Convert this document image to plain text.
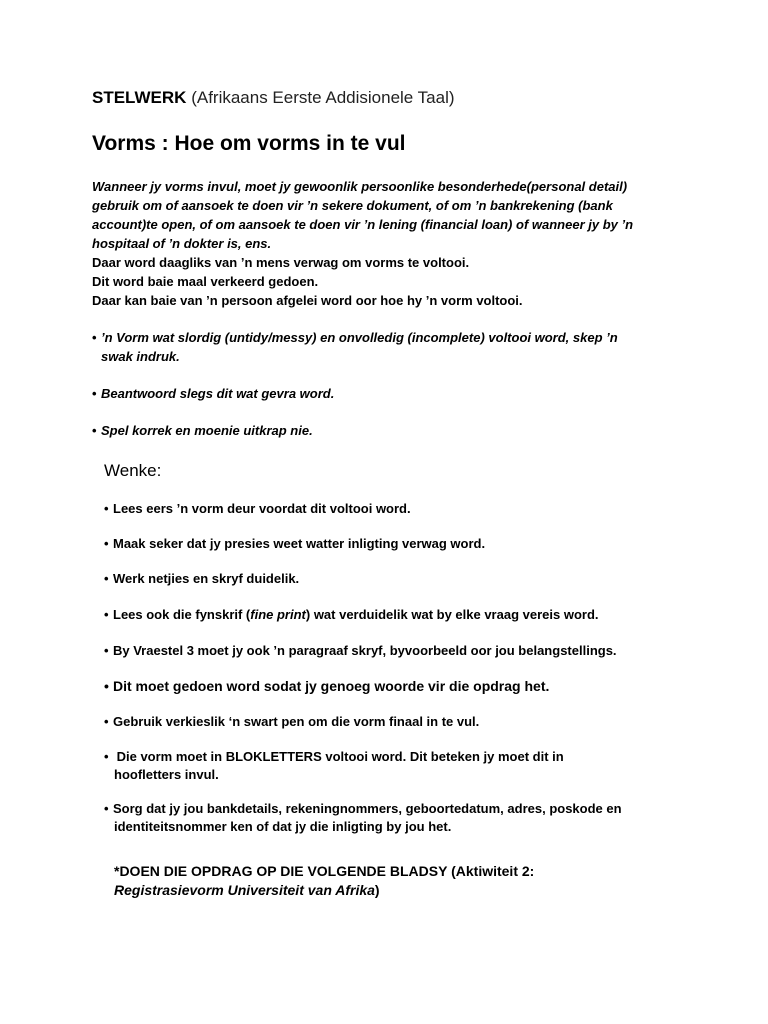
STELWERK (Afrikaans Eerste Addisionele Taal)
Vorms : Hoe om vorms in te vul

Wanneer jy vorms invul, moet jy gewoonlik persoonlike besonderhede(personal detail)

gebruik om of aansoek te doen vir ’n sekere dokument, of om ’n bankrekening (bank

account)te open, of om aansoek te doen vir ’n lening (financial loan) of wanneer jy by ’n

hospitaal of ’n dokter is, ens.

Daar word daagliks van ’n mens verwag om vorms te voltooi.

Dit word baie maal verkeerd gedoen.

Daar kan baie van ’n persoon afgelei word oor hoe hy ’n vorm voltooi.

• ’n Vorm wat slordig (untidy/messy) en onvolledig (incomplete) voltooi word, skep ’n
swak indruk.
• Beantwoord slegs dit wat gevra word.
• Spel korrek en moenie uitkrap nie.
Wenke:
• Lees eers ’n vorm deur voordat dit voltooi word.
• Maak seker dat jy presies weet watter inligting verwag word.
• Werk netjies en skryf duidelik.
• Lees ook die fynskrif (fine print) wat verduidelik wat by elke vraag vereis word.
• By Vraestel 3 moet jy ook ’n paragraaf skryf, byvoorbeeld oor jou belangstellings.
• Dit moet gedoen word sodat jy genoeg woorde vir die opdrag het.
• Gebruik verkieslik ‘n swart pen om die vorm finaal in te vul.
• Die vorm moet in BLOKLETTERS voltooi word. Dit beteken jy moet dit in
hoofletters invul.
• Sorg dat jy jou bankdetails, rekeningnommers, geboortedatum, adres, poskode en
identiteitsnommer ken of dat jy die inligting by jou het.
*DOEN DIE OPDRAG OP DIE VOLGENDE BLADSY (Aktiwiteit 2:
Registrasievorm Universiteit van Afrika)
